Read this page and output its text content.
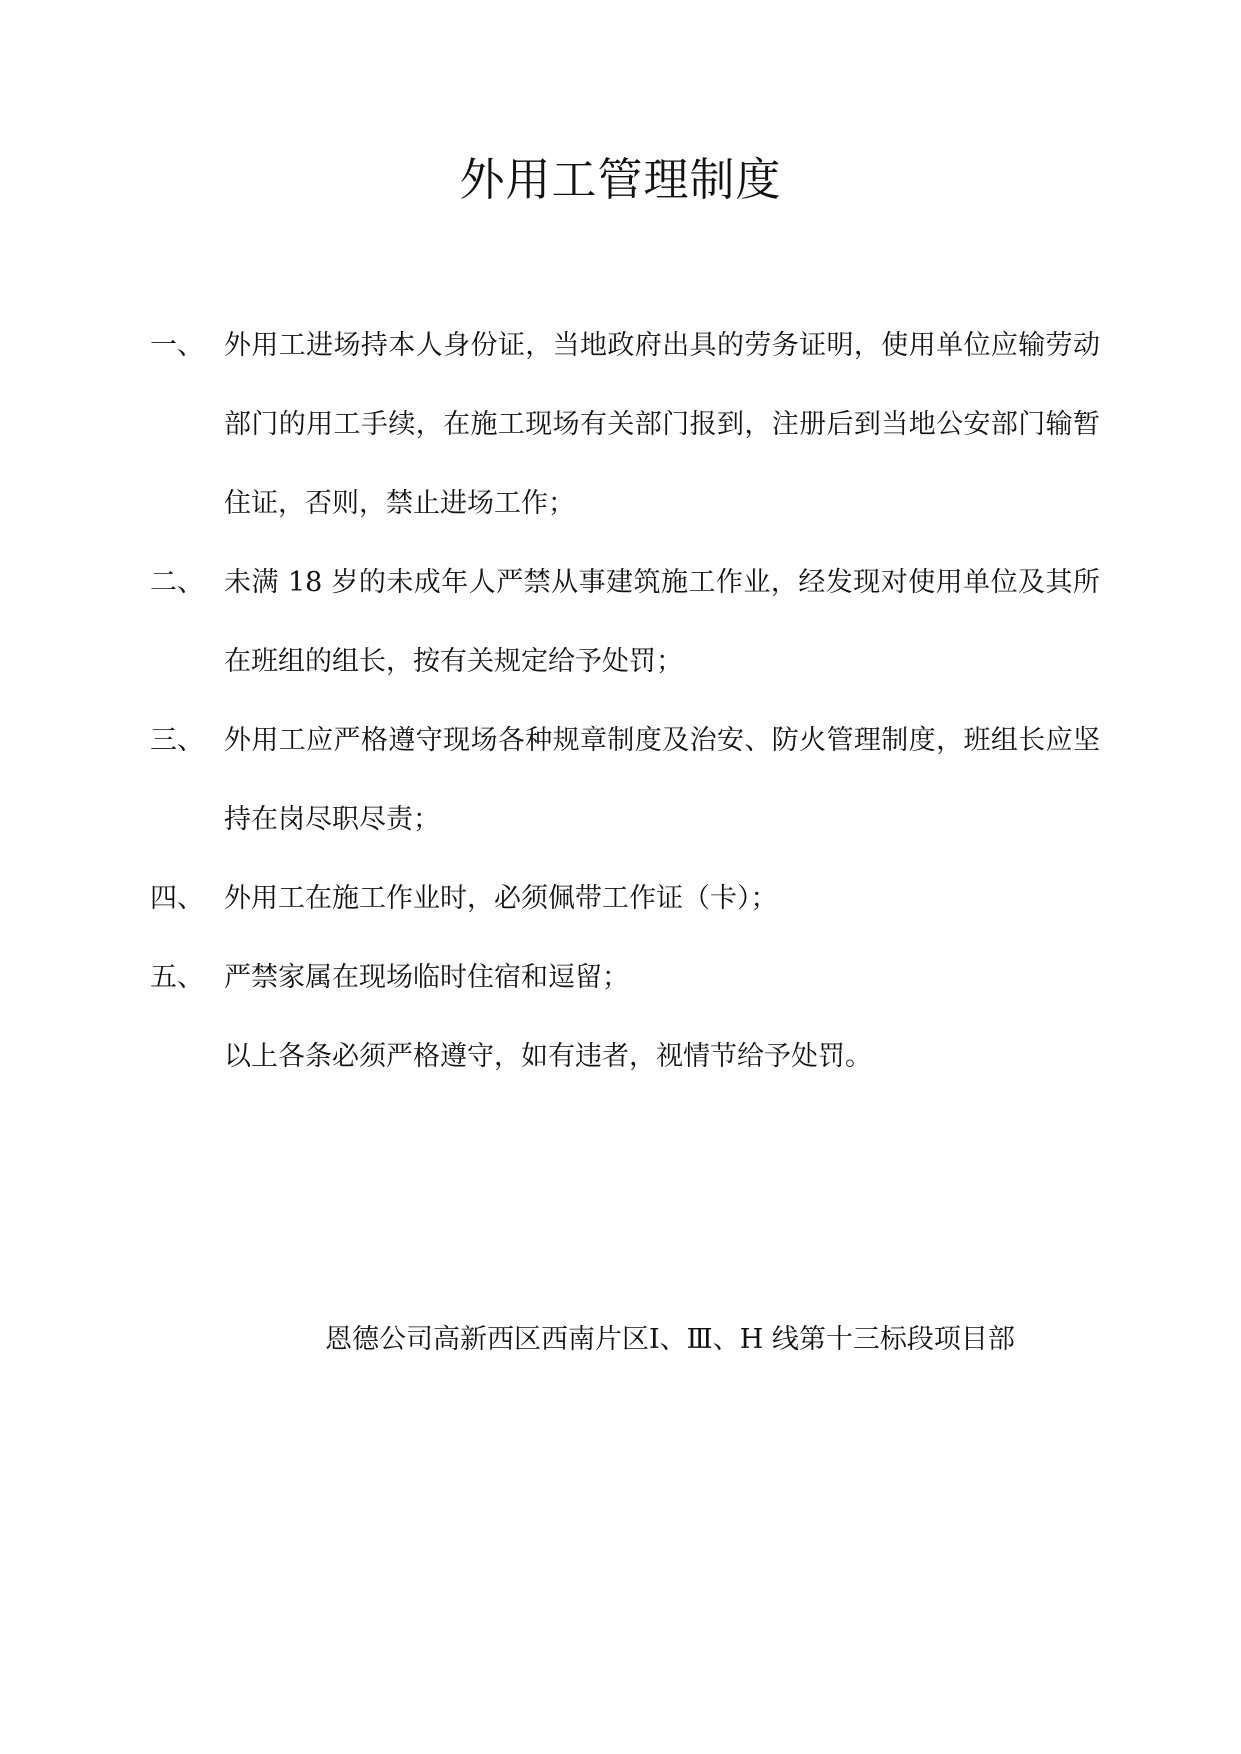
外用工管理制度
一、 外用工进场持本人身份证，当地政府出具的劳务证明，使用单位应输劳动部门的用工手续，在施工现场有关部门报到，注册后到当地公安部门输暂住证，否则，禁止进场工作；
二、 未满 18 岁的未成年人严禁从事建筑施工作业，经发现对使用单位及其所在班组的组长，按有关规定给予处罚；
三、 外用工应严格遵守现场各种规章制度及治安、防火管理制度，班组长应坚持在岗尽职尽责；
四、 外用工在施工作业时，必须佩带工作证（卡）；
五、 严禁家属在现场临时住宿和逗留；
以上各条必须严格遵守，如有违者，视情节给予处罚。
恩德公司高新西区西南片区Ⅰ、Ⅲ、H 线第十三标段项目部
